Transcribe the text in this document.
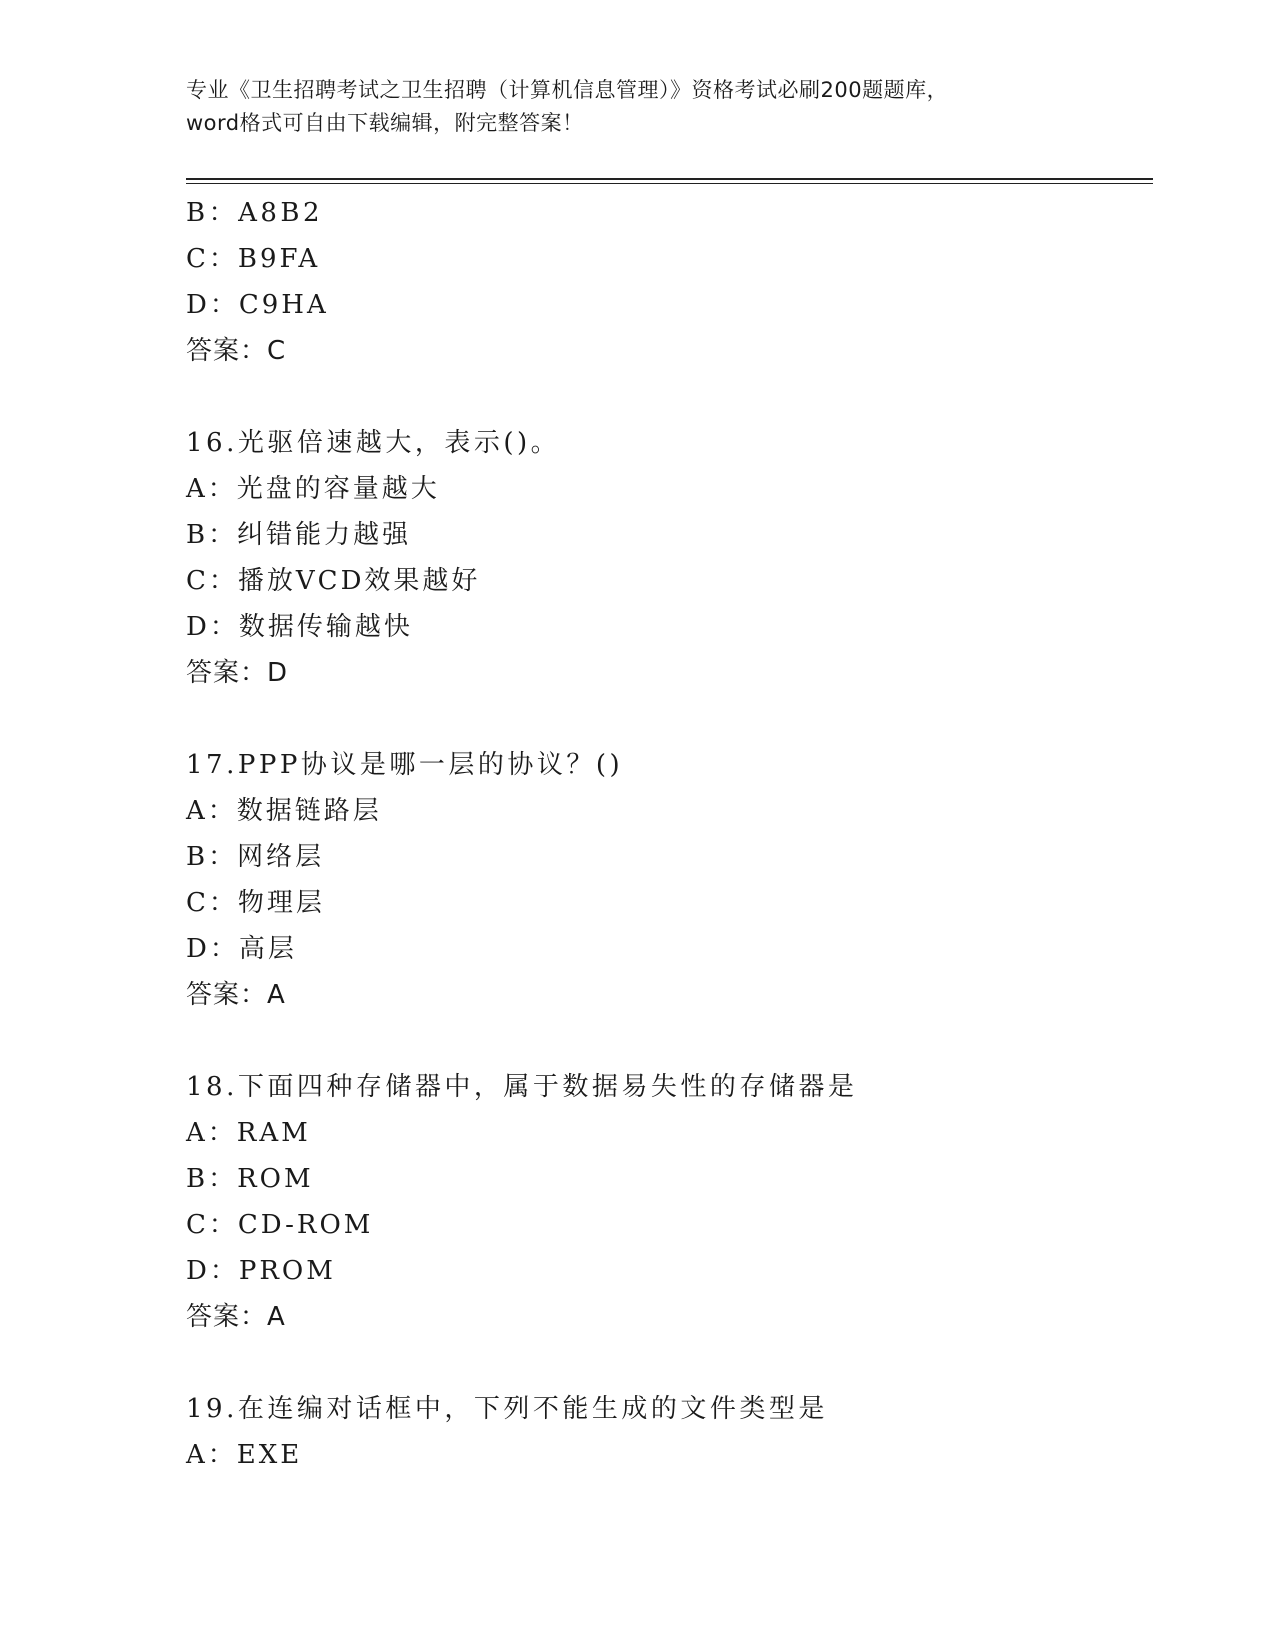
专业《卫生招聘考试之卫生招聘（计算机信息管理）》资格考试必刷200题题库，
word格式可自由下载编辑，附完整答案！
B：A8B2
C：B9FA
D：C9HA
答案：C
16.光驱倍速越大，表示()。
A：光盘的容量越大
B：纠错能力越强
C：播放VCD效果越好
D：数据传输越快
答案：D
17.PPP协议是哪一层的协议？()
A：数据链路层
B：网络层
C：物理层
D：高层
答案：A
18.下面四种存储器中，属于数据易失性的存储器是
A：RAM
B：ROM
C：CD-ROM
D：PROM
答案：A
19.在连编对话框中，下列不能生成的文件类型是
A：EXE
